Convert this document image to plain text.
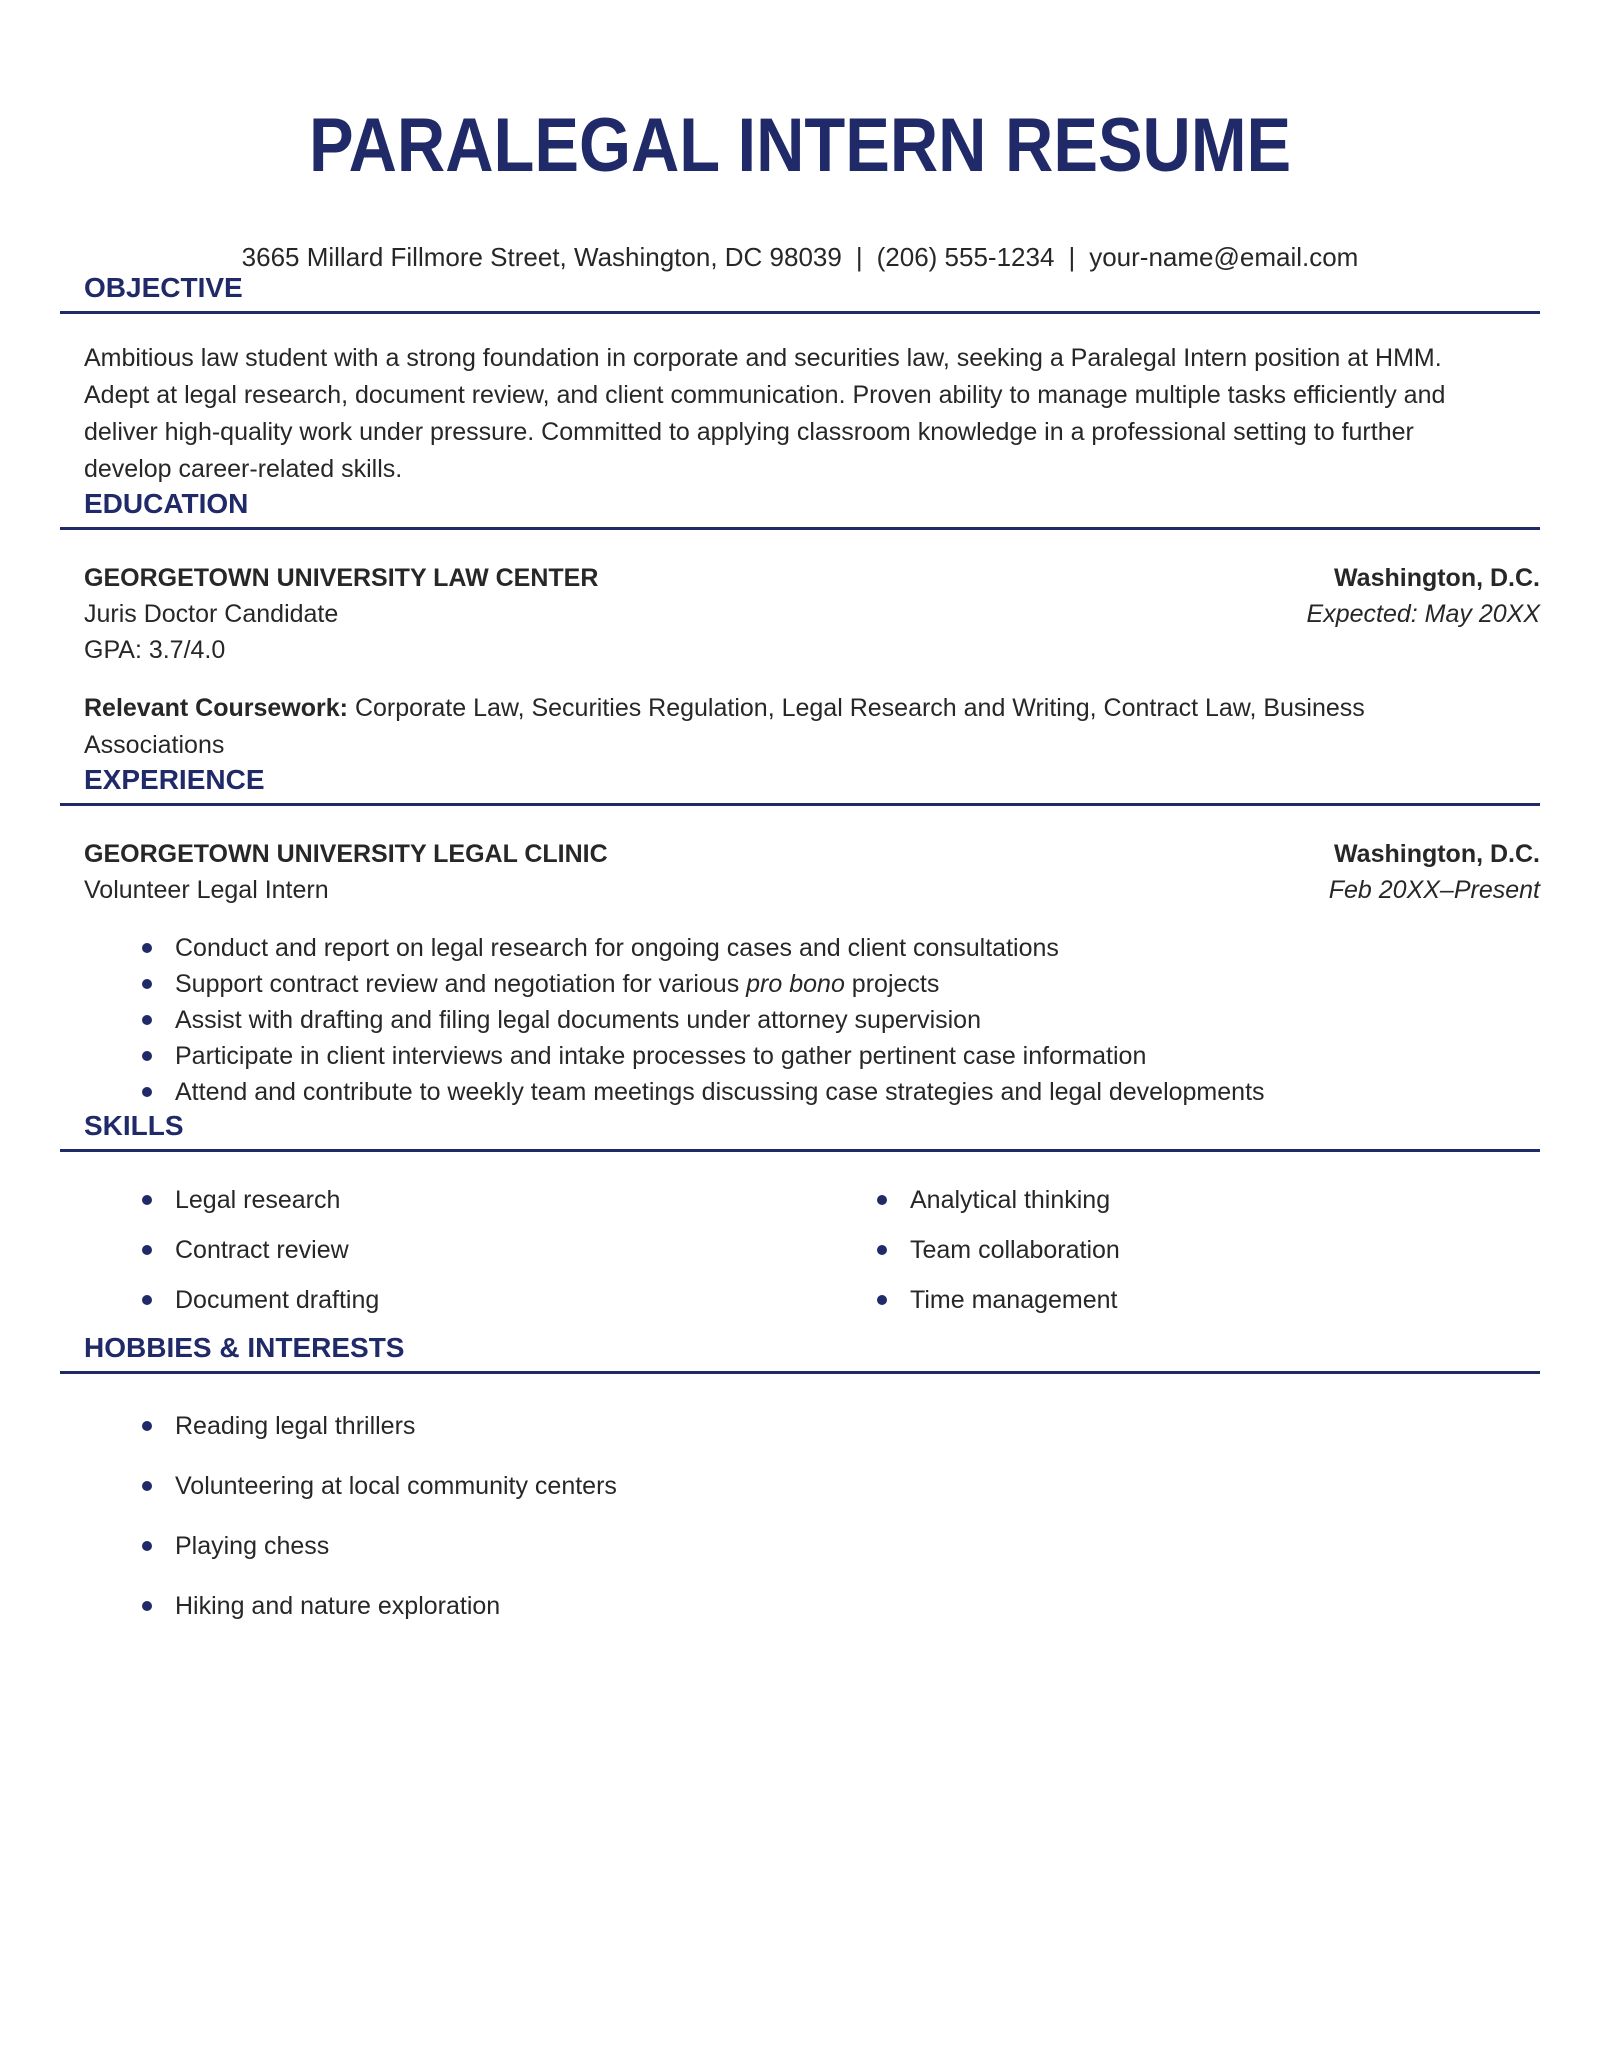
PARALEGAL INTERN RESUME
3665 Millard Fillmore Street, Washington, DC 98039 | (206) 555-1234 | your-name@email.com
OBJECTIVE

Ambitious law student with a strong foundation in corporate and securities law, seeking a Paralegal Intern position at HMM. Adept at legal research, document review, and client communication. Proven ability to manage multiple tasks efficiently and deliver high-quality work under pressure. Committed to applying classroom knowledge in a professional setting to further develop career-related skills.

EDUCATION
GEORGETOWN UNIVERSITY LAW CENTER	Washington, D.C.
Juris Doctor Candidate	Expected: May 20XX
GPA: 3.7/4.0

Relevant Coursework: Corporate Law, Securities Regulation, Legal Research and Writing, Contract Law, Business Associations

EXPERIENCE
GEORGETOWN UNIVERSITY LEGAL CLINIC	Washington, D.C.
Volunteer Legal Intern	Feb 20XX–Present
Conduct and report on legal research for ongoing cases and client consultations
Support contract review and negotiation for various pro bono projects
Assist with drafting and filing legal documents under attorney supervision
Participate in client interviews and intake processes to gather pertinent case information
Attend and contribute to weekly team meetings discussing case strategies and legal developments
SKILLS
Legal research
Contract review
Document drafting
Analytical thinking
Team collaboration
Time management
HOBBIES & INTERESTS
Reading legal thrillers
Volunteering at local community centers
Playing chess
Hiking and nature exploration
